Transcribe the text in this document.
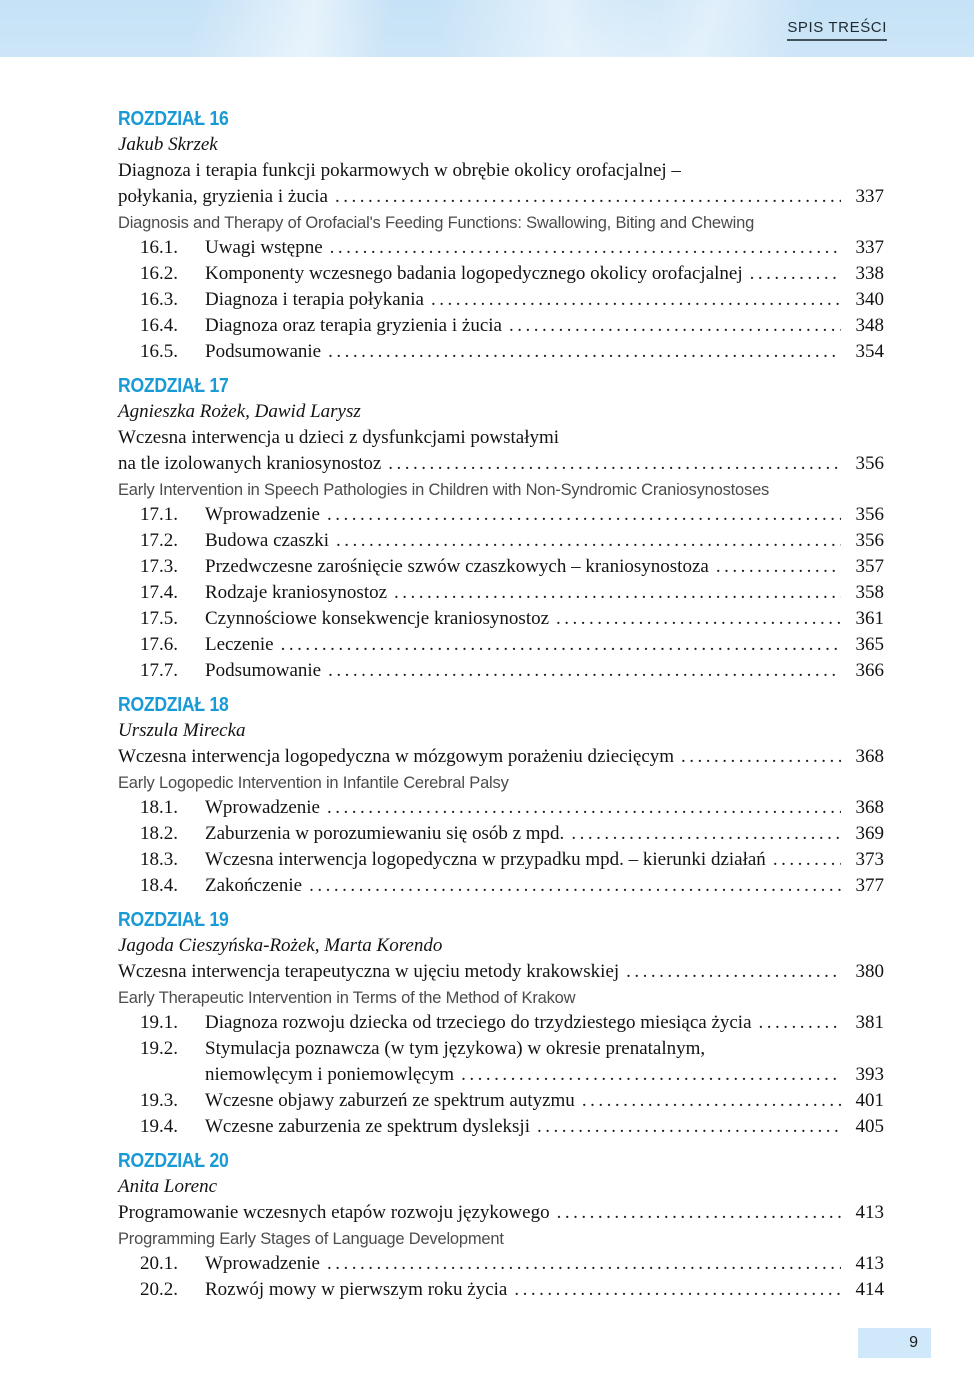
SPIS TREŚCI
ROZDZIAŁ 16
Jakub Skrzek
Diagnoza i terapia funkcji pokarmowych w obrębie okolicy orofacjalnej –
połykania, gryzienia i żucia .....	337
Diagnosis and Therapy of Orofacial's Feeding Functions: Swallowing, Biting and Chewing
16.1.	Uwagi wstępne .....	337
16.2.	Komponenty wczesnego badania logopedycznego okolicy orofacjalnej .....	338
16.3.	Diagnoza i terapia połykania .....	340
16.4.	Diagnoza oraz terapia gryzienia i żucia .....	348
16.5.	Podsumowanie .....	354
ROZDZIAŁ 17
Agnieszka Rożek, Dawid Larysz
Wczesna interwencja u dzieci z dysfunkcjami powstałymi
na tle izolowanych kraniosynostoz .....	356
Early Intervention in Speech Pathologies in Children with Non-Syndromic Craniosynostoses
17.1.	Wprowadzenie .....	356
17.2.	Budowa czaszki .....	356
17.3.	Przedwczesne zarośnięcie szwów czaszkowych – kraniosynostoza .....	357
17.4.	Rodzaje kraniosynostoz .....	358
17.5.	Czynnościowe konsekwencje kraniosynostoz .....	361
17.6.	Leczenie .....	365
17.7.	Podsumowanie .....	366
ROZDZIAŁ 18
Urszula Mirecka
Wczesna interwencja logopedyczna w mózgowym porażeniu dziecięcym .....	368
Early Logopedic Intervention in Infantile Cerebral Palsy
18.1.	Wprowadzenie .....	368
18.2.	Zaburzenia w porozumiewaniu się osób z mpd. .....	369
18.3.	Wczesna interwencja logopedyczna w przypadku mpd. – kierunki działań .....	373
18.4.	Zakończenie .....	377
ROZDZIAŁ 19
Jagoda Cieszyńska-Rożek, Marta Korendo
Wczesna interwencja terapeutyczna w ujęciu metody krakowskiej .....	380
Early Therapeutic Intervention in Terms of the Method of Krakow
19.1.	Diagnoza rozwoju dziecka od trzeciego do trzydziestego miesiąca życia .....	381
19.2.	Stymulacja poznawcza (w tym językowa) w okresie prenatalnym,
niemowlęcym i poniemowlęcym .....	393
19.3.	Wczesne objawy zaburzeń ze spektrum autyzmu .....	401
19.4.	Wczesne zaburzenia ze spektrum dysleksji .....	405
ROZDZIAŁ 20
Anita Lorenc
Programowanie wczesnych etapów rozwoju językowego .....	413
Programming Early Stages of Language Development
20.1.	Wprowadzenie .....	413
20.2.	Rozwój mowy w pierwszym roku życia .....	414
9
